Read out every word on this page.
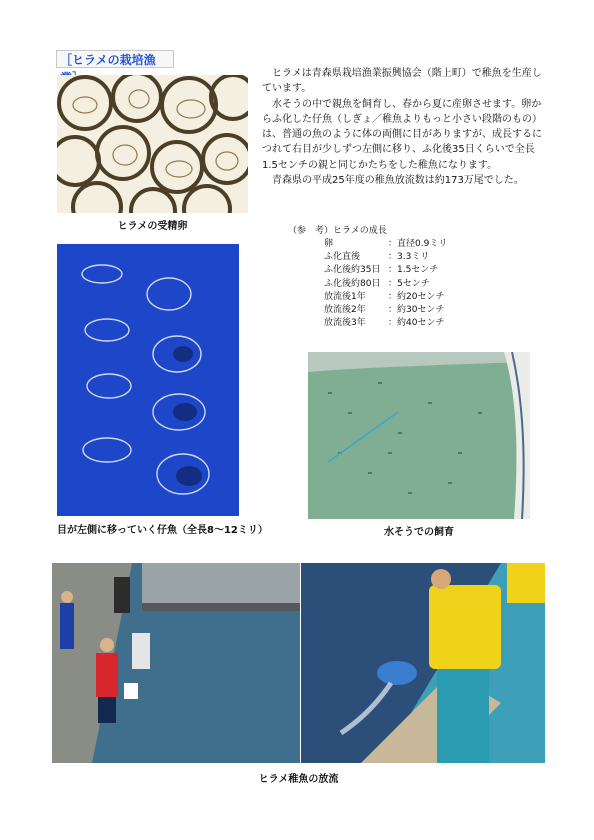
［ヒラメの栽培漁
ヒラメの受精卵

ヒラメは青森県栽培漁業振興協会（階上町）で稚魚を生産しています。

水そうの中で親魚を飼育し、春から夏に産卵させます。卵からふ化した仔魚（しぎょ／稚魚よりもっと小さい段階のもの）は、普通の魚のように体の両側に目がありますが、成長するにつれて右目が少しずつ左側に移り、ふ化後35日くらいで全長1.5センチの親と同じかたちをした稚魚になります。

青森県の平成25年度の稚魚放流数は約173万尾でした。

（参　考）ヒラメの成長
卵	：直径0.9ミリ
ふ化直後	：3.3ミリ
ふ化後約35日 ：1.5センチ
ふ化後約80日 ：5センチ
放流後1年	：約20センチ
放流後2年	：約30センチ
放流後3年	：約40センチ
目が左側に移っていく仔魚（全長8～12ミリ）	水そうでの飼育
ヒラメ稚魚の放流
